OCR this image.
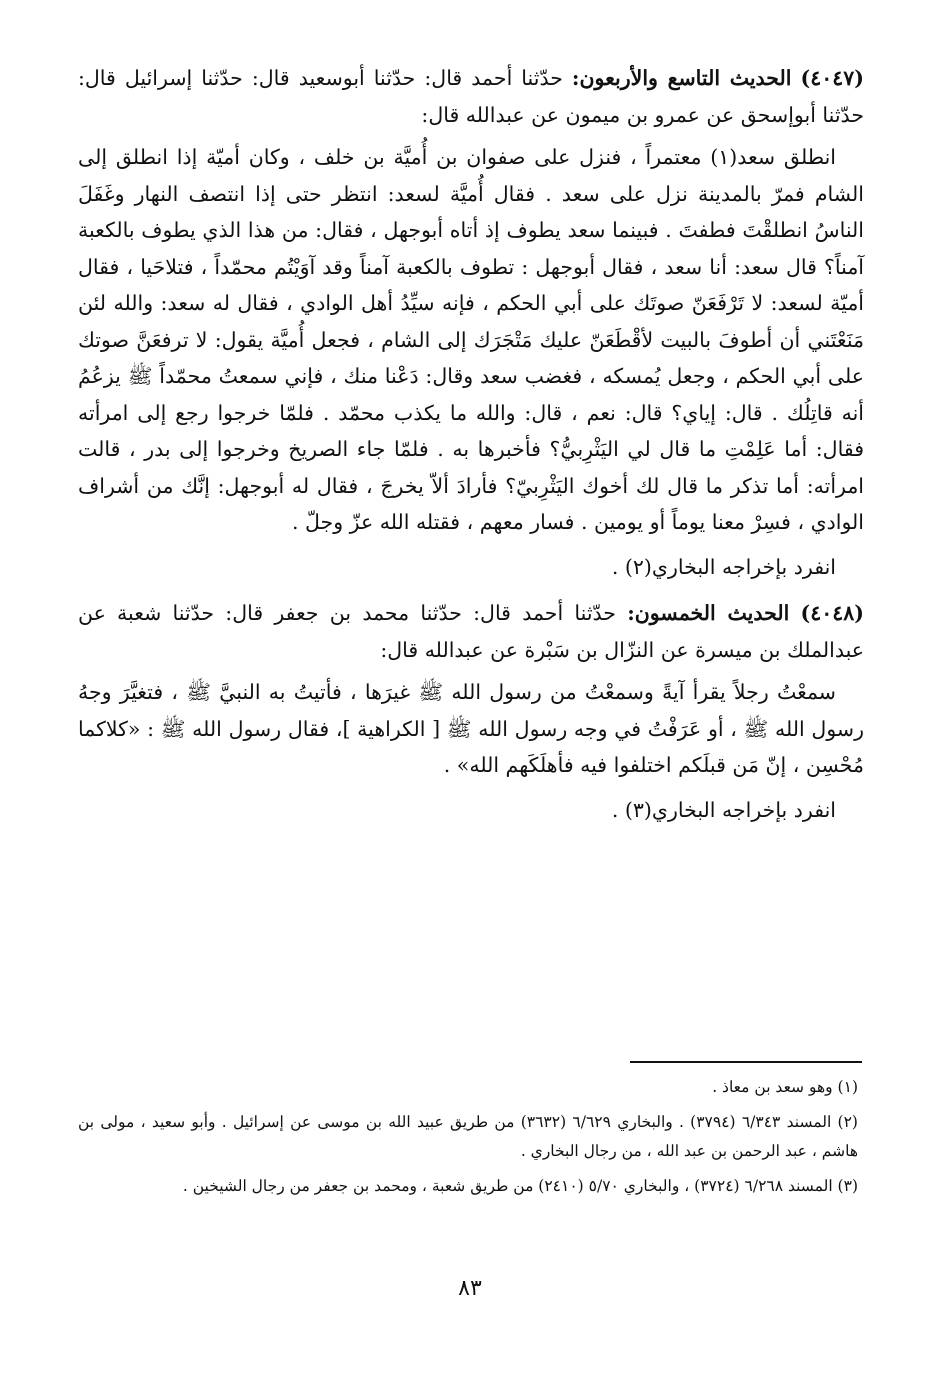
(٤٠٤٧) الحديث التاسع والأربعون: حدّثنا أحمد قال: حدّثنا أبوسعيد قال: حدّثنا إسرائيل قال: حدّثنا أبوإسحق عن عمرو بن ميمون عن عبدالله قال:

انطلق سعد(١) معتمراً ، فنزل على صفوان بن أُميَّة بن خلف ، وكان أميّة إذا انطلق إلى الشام فمرّ بالمدينة نزل على سعد . فقال أُميَّة لسعد: انتظر حتى إذا انتصف النهار وغَفَلَ الناسُ انطلقْتَ فطفتَ . فبينما سعد يطوف إذ أتاه أبوجهل ، فقال: من هذا الذي يطوف بالكعبة آمناً؟ قال سعد: أنا سعد ، فقال أبوجهل : تطوف بالكعبة آمناً وقد آوَيْتُم محمّداً ، فتلاحَيا ، فقال أميّة لسعد: لا تَرْفَعَنّ صوتَك على أبي الحكم ، فإنه سيِّدُ أهل الوادي ، فقال له سعد: والله لئن مَنَعْتَني أن أطوفَ بالبيت لأقْطَعَنّ عليك مَتْجَرَك إلى الشام ، فجعل أُميَّة يقول: لا ترفعَنَّ صوتك على أبي الحكم ، وجعل يُمسكه ، فغضب سعد وقال: دَعْنا منك ، فإني سمعتُ محمّداً ﷺ يزعُمُ أنه قاتِلُك . قال: إياي؟ قال: نعم ، قال: والله ما يكذب محمّد . فلمّا خرجوا رجع إلى امرأته فقال: أما عَلِمْتِ ما قال لي اليَثْرِبيُّ؟ فأخبرها به . فلمّا جاء الصريخ وخرجوا إلى بدر ، قالت امرأته: أما تذكر ما قال لك أخوك اليَثْرِبيّ؟ فأرادَ ألاّ يخرجَ ، فقال له أبوجهل: إنَّك من أشراف الوادي ، فسِرْ معنا يوماً أو يومين . فسار معهم ، فقتله الله عزّ وجلّ .

انفرد بإخراجه البخاري(٢) .

(٤٠٤٨) الحديث الخمسون: حدّثنا أحمد قال: حدّثنا محمد بن جعفر قال: حدّثنا شعبة عن عبدالملك بن ميسرة عن النزّال بن سَبْرة عن عبدالله قال:

سمعْتُ رجلاً يقرأ آيةً وسمعْتُ من رسول الله ﷺ غيرَها ، فأتيتُ به النبيَّ ﷺ ، فتغيَّرَ وجهُ رسول الله ﷺ ، أو عَرَفْتُ في وجه رسول الله ﷺ [ الكراهية ]، فقال رسول الله ﷺ : «كلاكما مُحْسِن ، إنّ مَن قبلَكم اختلفوا فيه فأهلَكَهم الله» .

انفرد بإخراجه البخاري(٣) .

(١) وهو سعد بن معاذ .

(٢) المسند ٦/٣٤٣ (٣٧٩٤) . والبخاري ٦/٦٢٩ (٣٦٣٢) من طريق عبيد الله بن موسى عن إسرائيل . وأبو سعيد ، مولى بن هاشم ، عبد الرحمن بن عبد الله ، من رجال البخاري .

(٣) المسند ٦/٢٦٨ (٣٧٢٤) ، والبخاري ٥/٧٠ (٢٤١٠) من طريق شعبة ، ومحمد بن جعفر من رجال الشيخين .

٨٣
